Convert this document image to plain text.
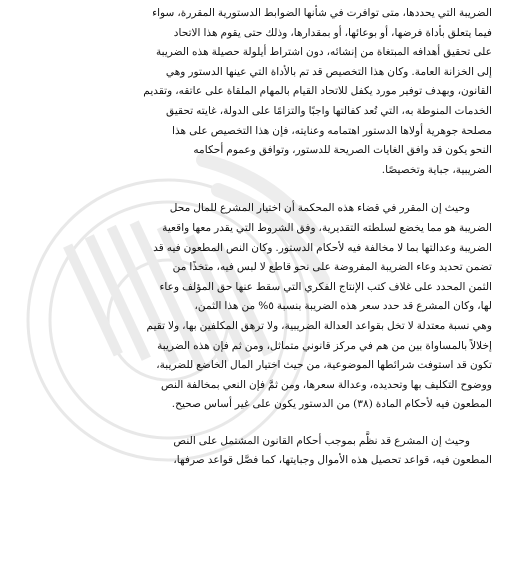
الضريبة التي يحددها، متى توافرت في شأنها الضوابط الدستورية المقررة، سواء
فيما يتعلق بأداة فرضها، أو بوعائها، أو بمقدارها، وذلك حتى يقوم هذا الاتحاد
على تحقيق أهدافه المبتغاة من إنشائه، دون اشتراط أيلولة حصيلة هذه الضريبة
إلى الخزانة العامة. وكان هذا التخصيص قد تم بالأداة التي عينها الدستور وهي
القانون، وبهدف توفير مورد يكفل للاتحاد القيام بالمهام الملقاة على عاتقه، وتقديم
الخدمات المنوطة به، التي تُعد كفالتها واجبًا والتزامًا على الدولة، غايته تحقيق
مصلحة جوهرية أولاها الدستور اهتمامه وعنايته، فإن هذا التخصيص على هذا
النحو يكون قد وافق الغايات الصريحة للدستور، وتوافق وعموم أحكامه
الضريبية، جباية وتخصيصًا.

وحيث إن المقرر في قضاء هذه المحكمة أن اختيار المشرع للمال محل
الضريبة هو مما يخضع لسلطته التقديرية، وفق الشروط التي يقدر معها واقعية
الضريبة وعدالتها بما لا مخالفة فيه لأحكام الدستور. وكان النص المطعون فيه قد
تضمن تحديد وعاء الضريبة المفروضة على نحو قاطع لا لبس فيه، متخذًا من
الثمن المحدد على غلاف كتب الإنتاج الفكري التي سقط عنها حق المؤلف وعاء
لها، وكان المشرع قد حدد سعر هذه الضريبة بنسبة ٥% من هذا الثمن،
وهي نسبة معتدلة لا تخل بقواعد العدالة الضريبية، ولا ترهق المكلفين بها، ولا تقيم
إخلالاً بالمساواة بين من هم في مركز قانوني متماثل، ومن ثم فإن هذه الضريبة
تكون قد استوفت شرائطها الموضوعية، من حيث اختيار المال الخاضع للضريبة،
ووضوح التكليف بها وتحديده، وعدالة سعرها، ومن ثمَّ فإن النعي بمخالفة النص
المطعون فيه لأحكام المادة (٣٨) من الدستور يكون على غير أساس صحيح.

وحيث إن المشرع قد نظَّم بموجب أحكام القانون المشتمل على النص
المطعون فيه، قواعد تحصيل هذه الأموال وجبايتها، كما فصَّل قواعد صرفها،
